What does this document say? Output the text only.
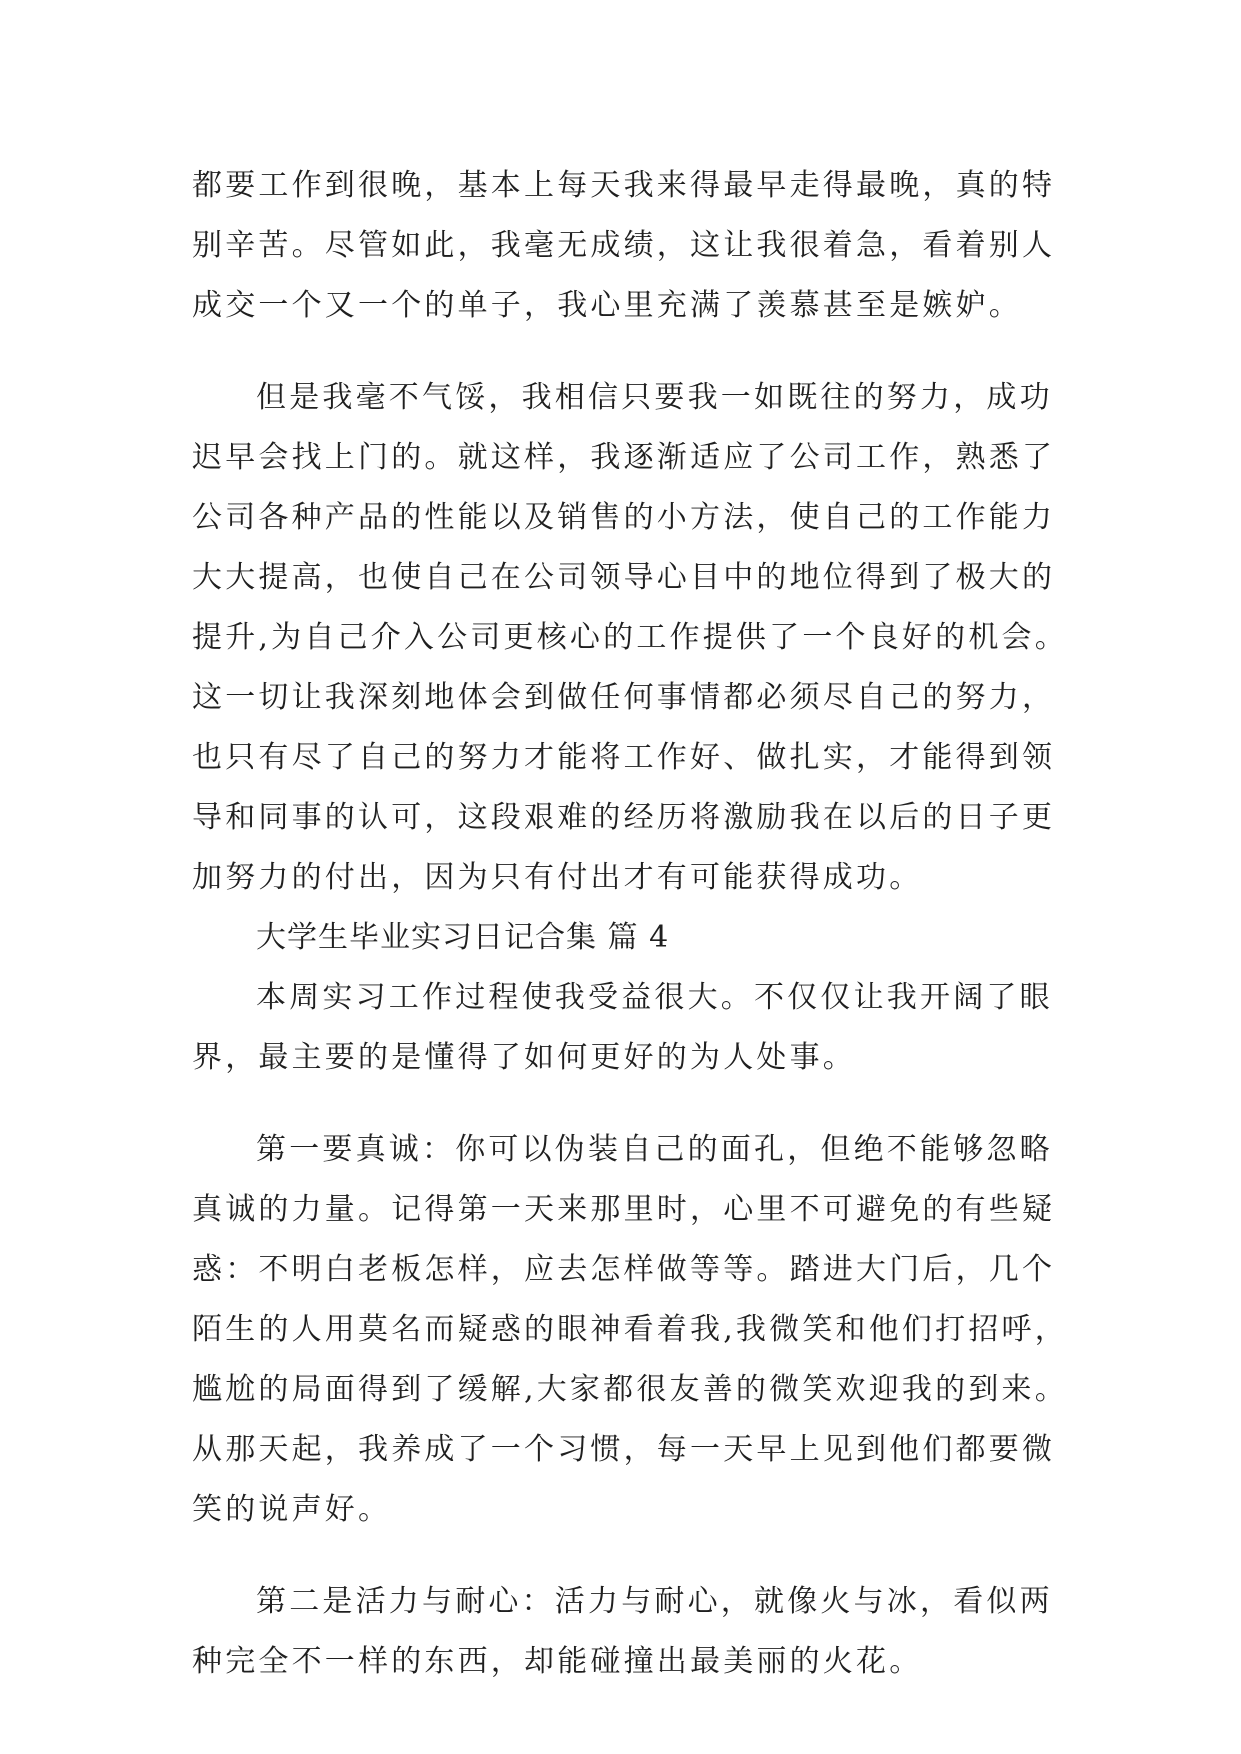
都要工作到很晚，基本上每天我来得最早走得最晚，真的特
别辛苦。尽管如此，我毫无成绩，这让我很着急，看着别人
成交一个又一个的单子，我心里充满了羡慕甚至是嫉妒。
但是我毫不气馁，我相信只要我一如既往的努力，成功
迟早会找上门的。就这样，我逐渐适应了公司工作，熟悉了
公司各种产品的性能以及销售的小方法，使自己的工作能力
大大提高，也使自己在公司领导心目中的地位得到了极大的
提升,为自己介入公司更核心的工作提供了一个良好的机会。
这一切让我深刻地体会到做任何事情都必须尽自己的努力，
也只有尽了自己的努力才能将工作好、做扎实，才能得到领
导和同事的认可，这段艰难的经历将激励我在以后的日子更
加努力的付出，因为只有付出才有可能获得成功。
大学生毕业实习日记合集 篇 4
本周实习工作过程使我受益很大。不仅仅让我开阔了眼
界，最主要的是懂得了如何更好的为人处事。
第一要真诚：你可以伪装自己的面孔，但绝不能够忽略
真诚的力量。记得第一天来那里时，心里不可避免的有些疑
惑：不明白老板怎样，应去怎样做等等。踏进大门后，几个
陌生的人用莫名而疑惑的眼神看着我,我微笑和他们打招呼，
尴尬的局面得到了缓解,大家都很友善的微笑欢迎我的到来。
从那天起，我养成了一个习惯，每一天早上见到他们都要微
笑的说声好。
第二是活力与耐心：活力与耐心，就像火与冰，看似两
种完全不一样的东西，却能碰撞出最美丽的火花。
